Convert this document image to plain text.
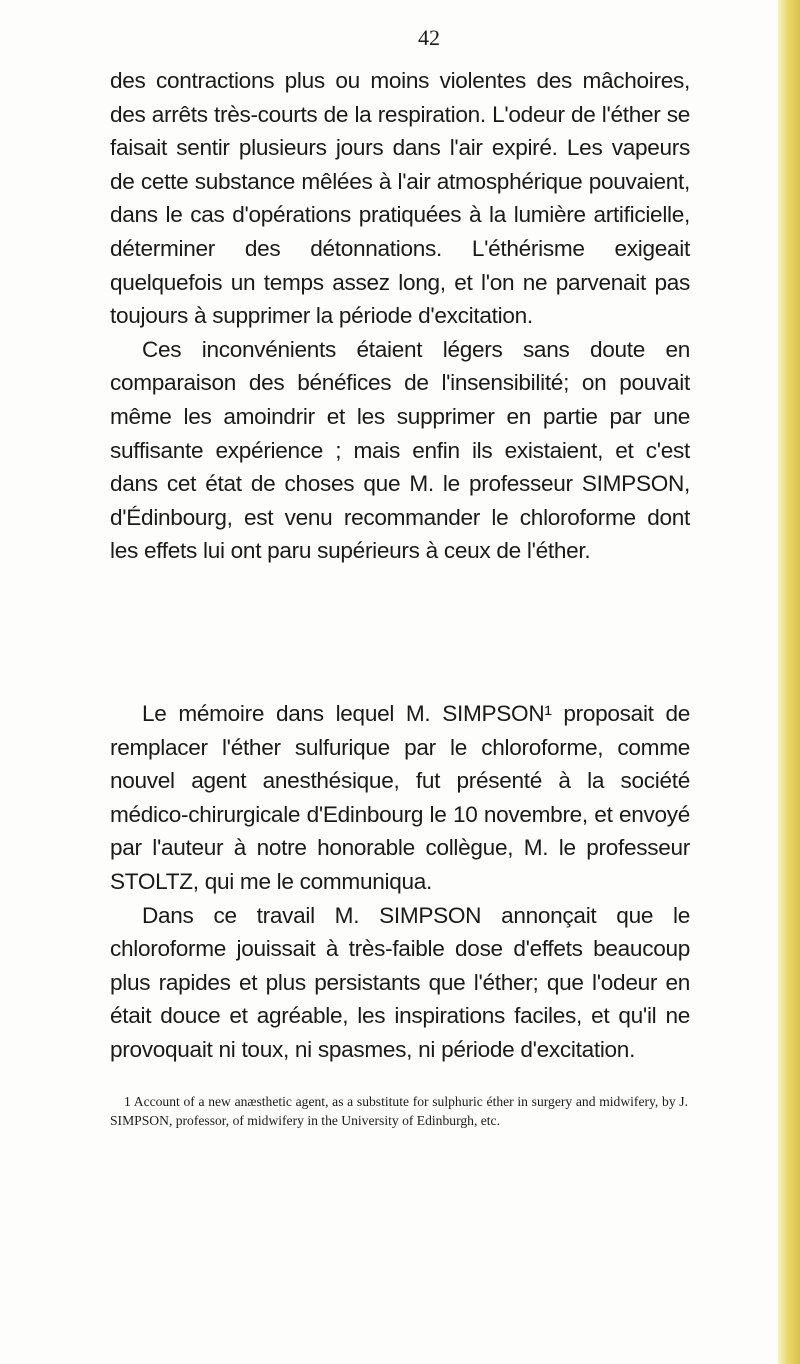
42

des contractions plus ou moins violentes des mâchoires, des arrêts très-courts de la respiration. L'odeur de l'éther se faisait sentir plusieurs jours dans l'air expiré. Les vapeurs de cette substance mêlées à l'air atmosphérique pouvaient, dans le cas d'opérations pratiquées à la lumière artificielle, déterminer des détonnations. L'éthérisme exigeait quelquefois un temps assez long, et l'on ne parvenait pas toujours à supprimer la période d'excitation.

Ces inconvénients étaient légers sans doute en comparaison des bénéfices de l'insensibilité; on pouvait même les amoindrir et les supprimer en partie par une suffisante expérience ; mais enfin ils existaient, et c'est dans cet état de choses que M. le professeur SIMPSON, d'Édinbourg, est venu recommander le chloroforme dont les effets lui ont paru supérieurs à ceux de l'éther.

Le mémoire dans lequel M. SIMPSON¹ proposait de remplacer l'éther sulfurique par le chloroforme, comme nouvel agent anesthésique, fut présenté à la société médico-chirurgicale d'Edinbourg le 10 novembre, et envoyé par l'auteur à notre honorable collègue, M. le professeur STOLTZ, qui me le communiqua.

Dans ce travail M. SIMPSON annonçait que le chloroforme jouissait à très-faible dose d'effets beaucoup plus rapides et plus persistants que l'éther; que l'odeur en était douce et agréable, les inspirations faciles, et qu'il ne provoquait ni toux, ni spasmes, ni période d'excitation.

1 Account of a new anæsthetic agent, as a substitute for sulphuric éther in surgery and midwifery, by J. SIMPSON, professor, of midwifery in the University of Edinburgh, etc.
